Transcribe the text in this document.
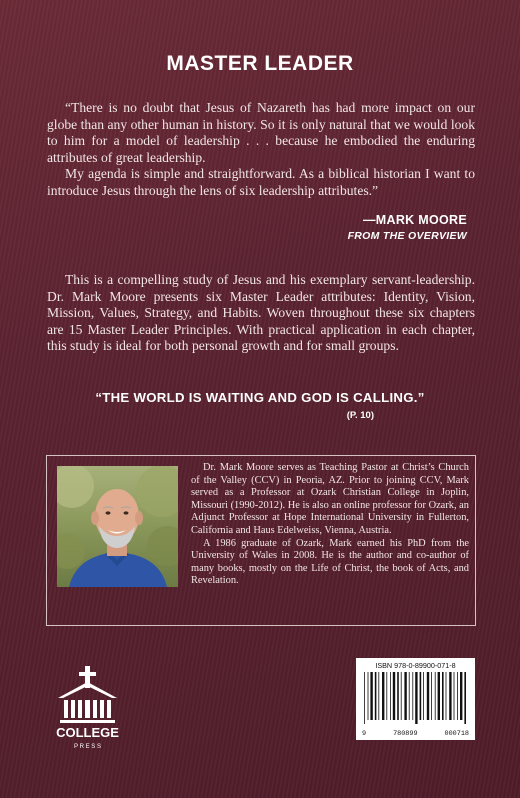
MASTER LEADER

“There is no doubt that Jesus of Nazareth has had more impact on our globe than any other human in history. So it is only natural that we would look to him for a model of leadership . . . because he embodied the enduring attributes of great leadership.

My agenda is simple and straightforward. As a biblical historian I want to introduce Jesus through the lens of six leadership attributes.”

—MARK MOORE
FROM THE OVERVIEW

This is a compelling study of Jesus and his exemplary servant-leadership. Dr. Mark Moore presents six Master Leader attributes: Identity, Vision, Mission, Values, Strategy, and Habits. Woven throughout these six chapters are 15 Master Leader Principles. With practical application in each chapter, this study is ideal for both personal growth and for small groups.

“THE WORLD IS WAITING AND GOD IS CALLING.”
(P. 10)

Dr. Mark Moore serves as Teaching Pastor at Christ’s Church of the Valley (CCV) in Peoria, AZ. Prior to joining CCV, Mark served as a Professor at Ozark Christian College in Joplin, Missouri (1990-2012). He is also an online professor for Ozark, an Adjunct Professor at Hope International University in Fullerton, California and Haus Edelweiss, Vienna, Austria.

A 1986 graduate of Ozark, Mark earned his PhD from the University of Wales in 2008. He is the author and co-author of many books, mostly on the Life of Christ, the book of Acts, and Revelation.

COLLEGE
P R E S S
ISBN 978-0-89900-071-8
9	780899	000718
